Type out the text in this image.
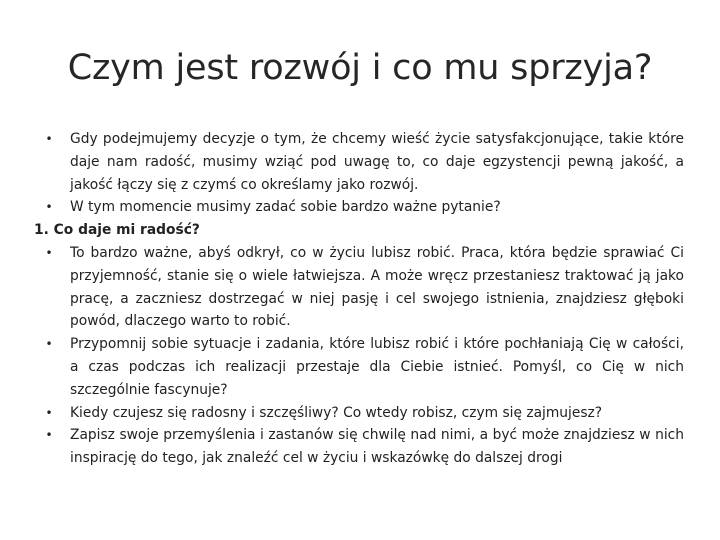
Czym jest rozwój i co mu sprzyja?
•	Gdy podejmujemy decyzje o tym, że chcemy wieść życie satysfakcjonujące, takie które daje nam radość, musimy wziąć pod uwagę to, co daje egzystencji pewną jakość, a jakość łączy się z czymś co określamy jako rozwój.
•	W tym momencie musimy zadać sobie bardzo ważne pytanie?
1. Co daje mi radość?
•	To bardzo ważne, abyś odkrył, co w życiu lubisz robić. Praca, która będzie sprawiać Ci przyjemność, stanie się o wiele łatwiejsza. A może wręcz przestaniesz traktować ją jako pracę, a zaczniesz dostrzegać w niej pasję i cel swojego istnienia, znajdziesz głęboki powód, dlaczego warto to robić.
•	Przypomnij sobie sytuacje i zadania, które lubisz robić i które pochłaniają Cię w całości, a czas podczas ich realizacji przestaje dla Ciebie istnieć. Pomyśl, co Cię w nich szczególnie fascynuje?
•	Kiedy czujesz się radosny i szczęśliwy? Co wtedy robisz, czym się zajmujesz?
•	Zapisz swoje przemyślenia i zastanów się chwilę nad nimi, a być może znajdziesz w nich inspirację do tego, jak znaleźć cel w życiu i wskazówkę do dalszej drogi
